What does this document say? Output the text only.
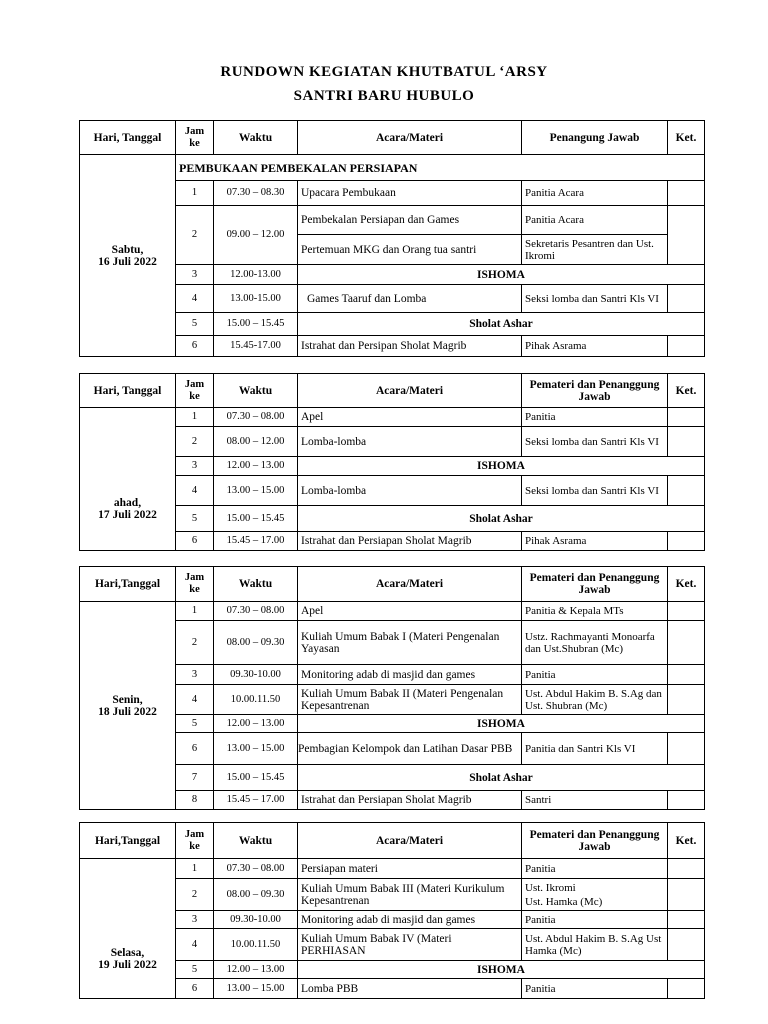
RUNDOWN KEGIATAN KHUTBATUL ‘ARSY
SANTRI BARU HUBULO
Hari, Tanggal	Jam ke	Waktu	Acara/Materi	Penangung Jawab	Ket.

Sabtu,
16 Juli 2022	PEMBUKAAN PEMBEKALAN PERSIAPAN				
	1	07.30 – 08.30	Upacara Pembukaan	Panitia Acara	
	2	09.00 – 12.00	Pembekalan Persiapan dan Games	Panitia Acara	
			Pertemuan MKG dan Orang tua santri	Sekretaris Pesantren dan Ust. Ikromi	
	3	12.00-13.00	ISHOMA		
	4	13.00-15.00	Games Taaruf dan Lomba	Seksi lomba dan Santri Kls VI	
	5	15.00 – 15.45	Sholat Ashar		
	6	15.45-17.00	Istrahat dan Persipan Sholat Magrib	Pihak Asrama	
Hari, Tanggal	Jam ke	Waktu	Acara/Materi	Pemateri dan Penanggung Jawab	Ket.

ahad,
17 Juli 2022	1	07.30 – 08.00	Apel	Panitia	
	2	08.00 – 12.00	Lomba-lomba	Seksi lomba dan Santri Kls VI	
	3	12.00 – 13.00	ISHOMA		
	4	13.00 – 15.00	Lomba-lomba	Seksi lomba dan Santri Kls VI	
	5	15.00 – 15.45	Sholat Ashar		
	6	15.45 – 17.00	Istrahat dan Persiapan Sholat Magrib	Pihak Asrama	
Hari,Tanggal	Jam ke	Waktu	Acara/Materi	Pemateri dan Penanggung Jawab	Ket.

Senin,
18 Juli 2022	1	07.30 – 08.00	Apel	Panitia & Kepala MTs	
	2	08.00 – 09.30	Kuliah Umum Babak I (Materi Pengenalan Yayasan	Ustz. Rachmayanti Monoarfa dan Ust.Shubran (Mc)	
	3	09.30-10.00	Monitoring adab di masjid dan games	Panitia	
	4	10.00.11.50	Kuliah Umum Babak II (Materi Pengenalan Kepesantrenan	Ust. Abdul Hakim B. S.Ag dan Ust. Shubran (Mc)	
	5	12.00 – 13.00	ISHOMA		
	6	13.00 – 15.00	Pembagian Kelompok dan Latihan Dasar PBB	Panitia dan Santri Kls VI	
	7	15.00 – 15.45	Sholat Ashar		
	8	15.45 – 17.00	Istrahat dan Persiapan Sholat Magrib	Santri	
Hari,Tanggal	Jam ke	Waktu	Acara/Materi	Pemateri dan Penanggung Jawab	Ket.

Selasa,
19 Juli 2022	1	07.30 – 08.00	Persiapan materi	Panitia	
	2	08.00 – 09.30	Kuliah Umum Babak III (Materi Kurikulum Kepesantrenan	Ust. Ikromi
Ust. Hamka (Mc)	

	3	09.30-10.00	Monitoring adab di masjid dan games	Panitia	
	4	10.00.11.50	Kuliah Umum Babak IV (Materi PERHIASAN	Ust. Abdul Hakim B. S.Ag Ust Hamka (Mc)	
	5	12.00 – 13.00	ISHOMA		
	6	13.00 – 15.00	Lomba PBB	Panitia	
